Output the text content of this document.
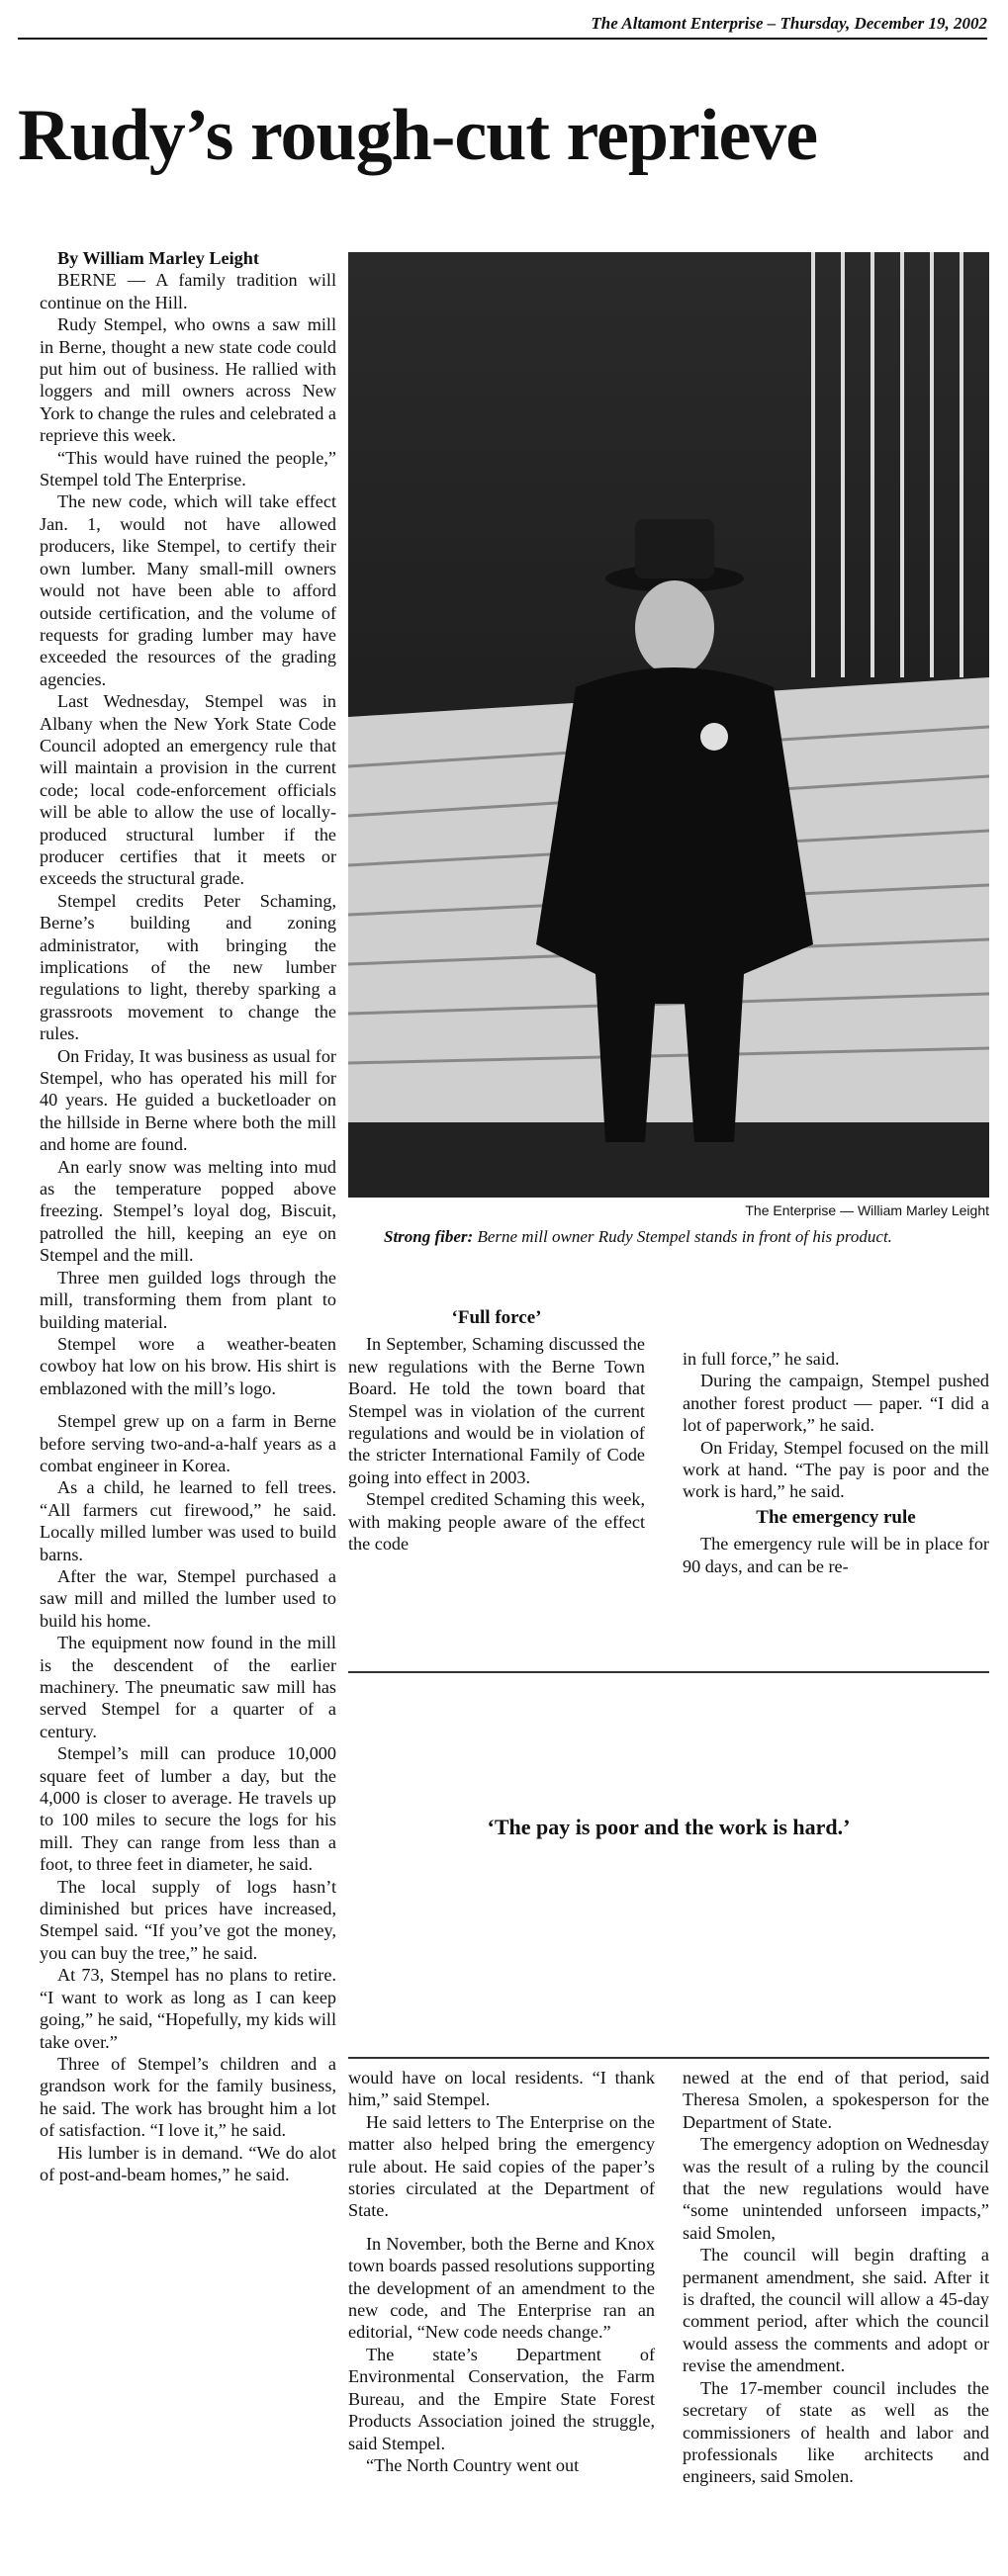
The Altamont Enterprise – Thursday, December 19, 2002
Rudy’s rough-cut reprieve

By William Marley Leight

BERNE — A family tradition will continue on the Hill.

Rudy Stempel, who owns a saw mill in Berne, thought a new state code could put him out of business. He rallied with loggers and mill owners across New York to change the rules and celebrated a reprieve this week.

“This would have ruined the people,” Stempel told The Enterprise.

The new code, which will take effect Jan. 1, would not have allowed producers, like Stempel, to certify their own lumber. Many small-mill owners would not have been able to afford outside certification, and the volume of requests for grading lumber may have exceeded the resources of the grading agencies.

Last Wednesday, Stempel was in Albany when the New York State Code Council adopted an emergency rule that will maintain a provision in the current code; local code-enforcement officials will be able to allow the use of locally-produced structural lumber if the producer certifies that it meets or exceeds the structural grade.

Stempel credits Peter Schaming, Berne’s building and zoning administrator, with bringing the implications of the new lumber regulations to light, thereby sparking a grassroots movement to change the rules.

On Friday, It was business as usual for Stempel, who has operated his mill for 40 years. He guided a bucketloader on the hillside in Berne where both the mill and home are found.

An early snow was melting into mud as the temperature popped above freezing. Stempel’s loyal dog, Biscuit, patrolled the hill, keeping an eye on Stempel and the mill.

Three men guilded logs through the mill, transforming them from plant to building material.

Stempel wore a weather-beaten cowboy hat low on his brow. His shirt is emblazoned with the mill’s logo.

Stempel grew up on a farm in Berne before serving two-and-a-half years as a combat engineer in Korea.

As a child, he learned to fell trees. “All farmers cut firewood,” he said. Locally milled lumber was used to build barns.

After the war, Stempel purchased a saw mill and milled the lumber used to build his home.

The equipment now found in the mill is the descendent of the earlier machinery. The pneumatic saw mill has served Stempel for a quarter of a century.

Stempel’s mill can produce 10,000 square feet of lumber a day, but the 4,000 is closer to average. He travels up to 100 miles to secure the logs for his mill. They can range from less than a foot, to three feet in diameter, he said.

The local supply of logs hasn’t diminished but prices have increased, Stempel said. “If you’ve got the money, you can buy the tree,” he said.

At 73, Stempel has no plans to retire. “I want to work as long as I can keep going,” he said, “Hopefully, my kids will take over.”

Three of Stempel’s children and a grandson work for the family business, he said. The work has brought him a lot of satisfaction. “I love it,” he said.

His lumber is in demand. “We do alot of post-and-beam homes,” he said.

The Enterprise — William Marley Leight
Strong fiber: Berne mill owner Rudy Stempel stands in front of his product.

‘Full force’

In September, Schaming discussed the new regulations with the Berne Town Board. He told the town board that Stempel was in violation of the current regulations and would be in violation of the stricter International Family of Code going into effect in 2003.

Stempel credited Schaming this week, with making people aware of the effect the code

in full force,” he said.

During the campaign, Stempel pushed another forest product — paper. “I did a lot of paperwork,” he said.

On Friday, Stempel focused on the mill work at hand. “The pay is poor and the work is hard,” he said.

The emergency rule

The emergency rule will be in place for 90 days, and can be re-

‘The pay is poor and the work is hard.’

would have on local residents. “I thank him,” said Stempel.

He said letters to The Enterprise on the matter also helped bring the emergency rule about. He said copies of the paper’s stories circulated at the Department of State.

In November, both the Berne and Knox town boards passed resolutions supporting the development of an amendment to the new code, and The Enterprise ran an editorial, “New code needs change.”

The state’s Department of Environmental Conservation, the Farm Bureau, and the Empire State Forest Products Association joined the struggle, said Stempel.

“The North Country went out

newed at the end of that period, said Theresa Smolen, a spokesperson for the Department of State.

The emergency adoption on Wednesday was the result of a ruling by the council that the new regulations would have “some unintended unforseen impacts,” said Smolen,

The council will begin drafting a permanent amendment, she said. After it is drafted, the council will allow a 45-day comment period, after which the council would assess the comments and adopt or revise the amendment.

The 17-member council includes the secretary of state as well as the commissioners of health and labor and professionals like architects and engineers, said Smolen.
